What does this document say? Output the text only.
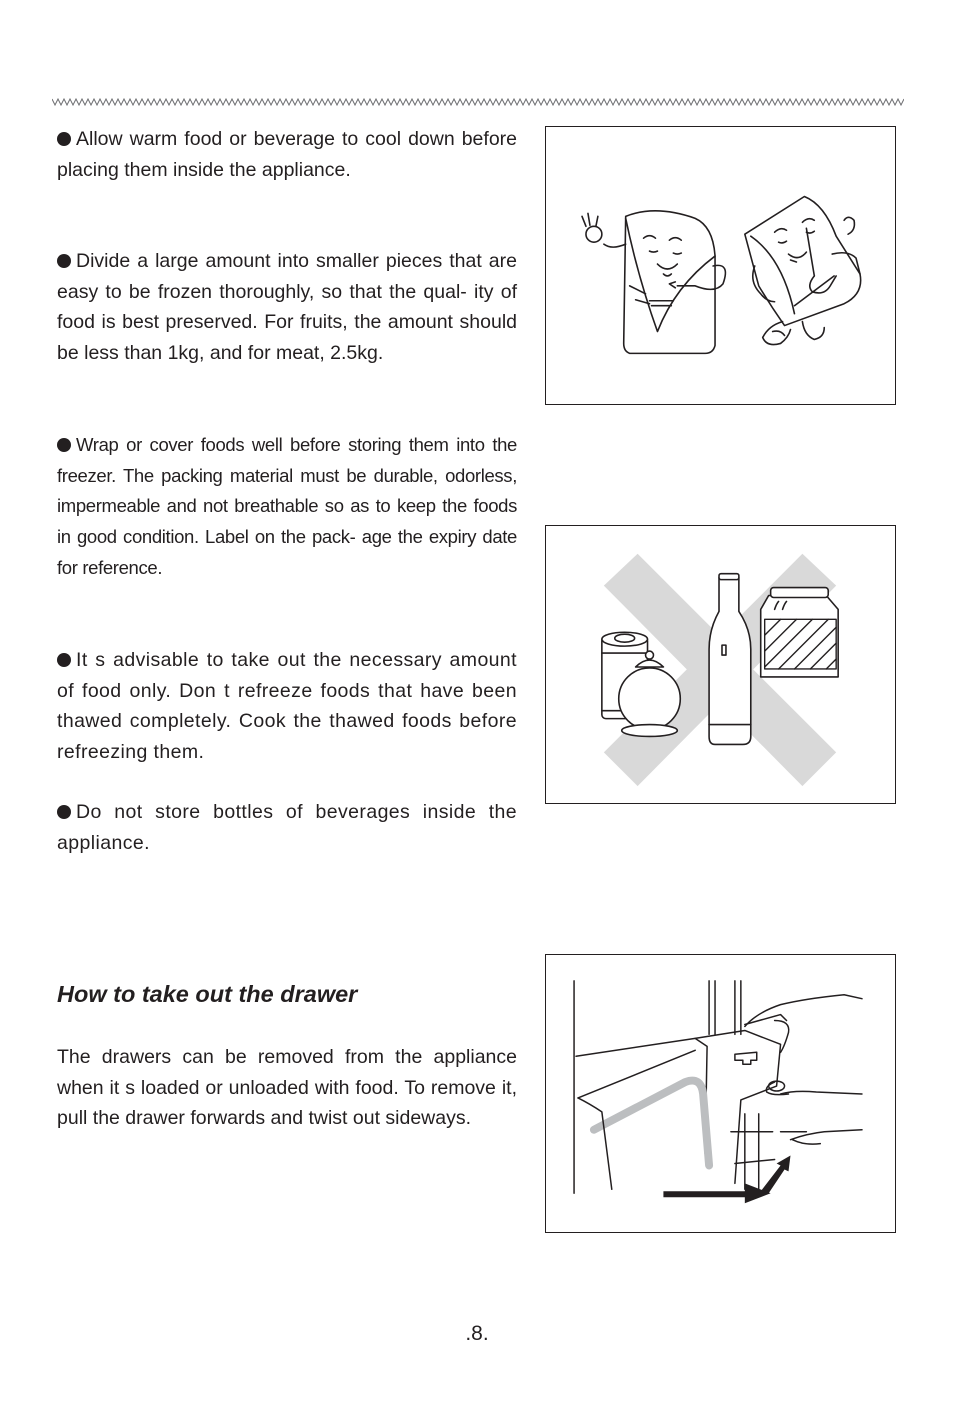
Allow warm food or beverage to cool down before placing them inside the appliance.

Divide a large amount into smaller pieces that are easy to be frozen thoroughly, so that the qual- ity of food is best preserved. For fruits, the amount should be less than 1kg, and for meat, 2.5kg.

Wrap or cover foods well before storing them into the freezer. The packing material must be durable, odorless, impermeable and not breathable so as to keep the foods in good condition. Label on the pack- age the expiry date for reference.

It s advisable to take out the necessary amount of food only. Don t refreeze foods that have been thawed completely. Cook the thawed foods before refreezing them.

Do not store bottles of beverages inside the appliance.

How to take out the drawer

The drawers can be removed from the appliance when it s loaded or unloaded with food. To remove it, pull the drawer forwards and twist out sideways.

.8.
